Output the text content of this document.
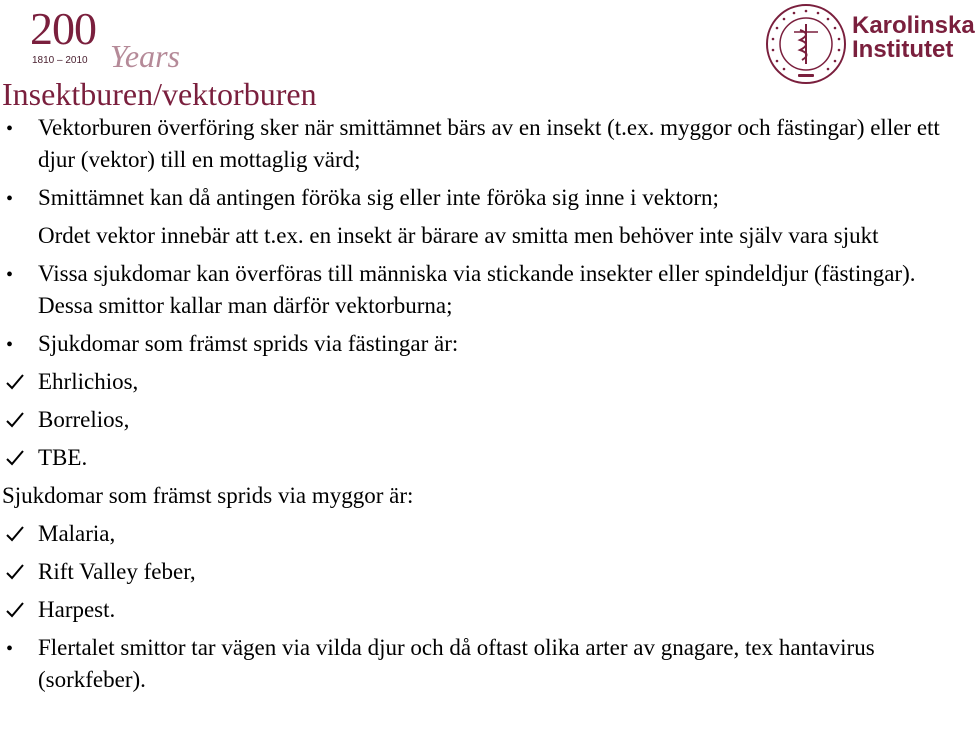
200
Years
1810 – 2010
Karolinska
Institutet
Insektburen/vektorburen
•
Vektorburen överföring sker när smittämnet bärs av en insekt (t.ex. myggor och fästingar) eller ett djur (vektor) till en mottaglig värd;
•
Smittämnet kan då antingen föröka sig eller inte föröka sig inne i vektorn;
Ordet vektor innebär att t.ex. en insekt är bärare av smitta men behöver inte själv vara sjukt
•
Vissa sjukdomar kan överföras till människa via stickande insekter eller spindeldjur (fästingar). Dessa smittor kallar man därför vektorburna;
•
Sjukdomar som främst sprids via fästingar är:
Ehrlichios,
Borrelios,
TBE.
Sjukdomar som främst sprids via myggor är:
Malaria,
Rift Valley feber,
Harpest.
•
Flertalet smittor tar vägen via vilda djur och då oftast olika arter av gnagare, tex hantavirus (sorkfeber).
